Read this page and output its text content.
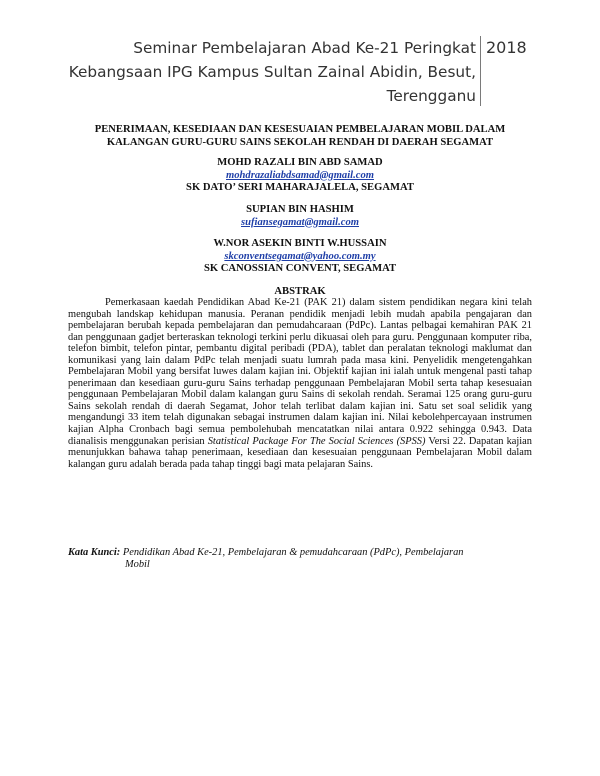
Seminar Pembelajaran Abad Ke-21 Peringkat
Kebangsaan IPG Kampus Sultan Zainal Abidin, Besut,
Terengganu
2018
PENERIMAAN, KESEDIAAN DAN KESESUAIAN PEMBELAJARAN MOBIL DALAM
KALANGAN GURU-GURU SAINS SEKOLAH RENDAH DI DAERAH SEGAMAT
MOHD RAZALI BIN ABD SAMAD
mohdrazaliabdsamad@gmail.com
SK DATO’ SERI MAHARAJALELA, SEGAMAT
SUPIAN BIN HASHIM
sufiansegamat@gmail.com
W.NOR ASEKIN BINTI W.HUSSAIN
skconventsegamat@yahoo.com.my
SK CANOSSIAN CONVENT, SEGAMAT
ABSTRAK

Pemerkasaan kaedah Pendidikan Abad Ke-21 (PAK 21) dalam sistem pendidikan negara kini telah mengubah landskap kehidupan manusia. Peranan pendidik menjadi lebih mudah apabila pengajaran dan pembelajaran berubah kepada pembelajaran dan pemudahcaraan (PdPc). Lantas pelbagai kemahiran PAK 21 dan penggunaan gadjet berteraskan teknologi terkini perlu dikuasai oleh para guru. Penggunaan komputer riba, telefon bimbit, telefon pintar, pembantu digital peribadi (PDA), tablet dan peralatan teknologi maklumat dan komunikasi yang lain dalam PdPc telah menjadi suatu lumrah pada masa kini. Penyelidik mengetengahkan Pembelajaran Mobil yang bersifat luwes dalam kajian ini. Objektif kajian ini ialah untuk mengenal pasti tahap penerimaan dan kesediaan guru-guru Sains terhadap penggunaan Pembelajaran Mobil serta tahap kesesuaian penggunaan Pembelajaran Mobil dalam kalangan guru Sains di sekolah rendah. Seramai 125 orang guru-guru Sains sekolah rendah di daerah Segamat, Johor telah terlibat dalam kajian ini. Satu set soal selidik yang mengandungi 33 item telah digunakan sebagai instrumen dalam kajian ini. Nilai kebolehpercayaan instrumen kajian Alpha Cronbach bagi semua pembolehubah mencatatkan nilai antara 0.922 sehingga 0.943. Data dianalisis menggunakan perisian Statistical Package For The Social Sciences (SPSS) Versi 22. Dapatan kajian menunjukkan bahawa tahap penerimaan, kesediaan dan kesesuaian penggunaan Pembelajaran Mobil dalam kalangan guru adalah berada pada tahap tinggi bagi mata pelajaran Sains.

Kata Kunci: Pendidikan Abad Ke-21, Pembelajaran & pemudahcaraan (PdPc), Pembelajaran
Mobil
